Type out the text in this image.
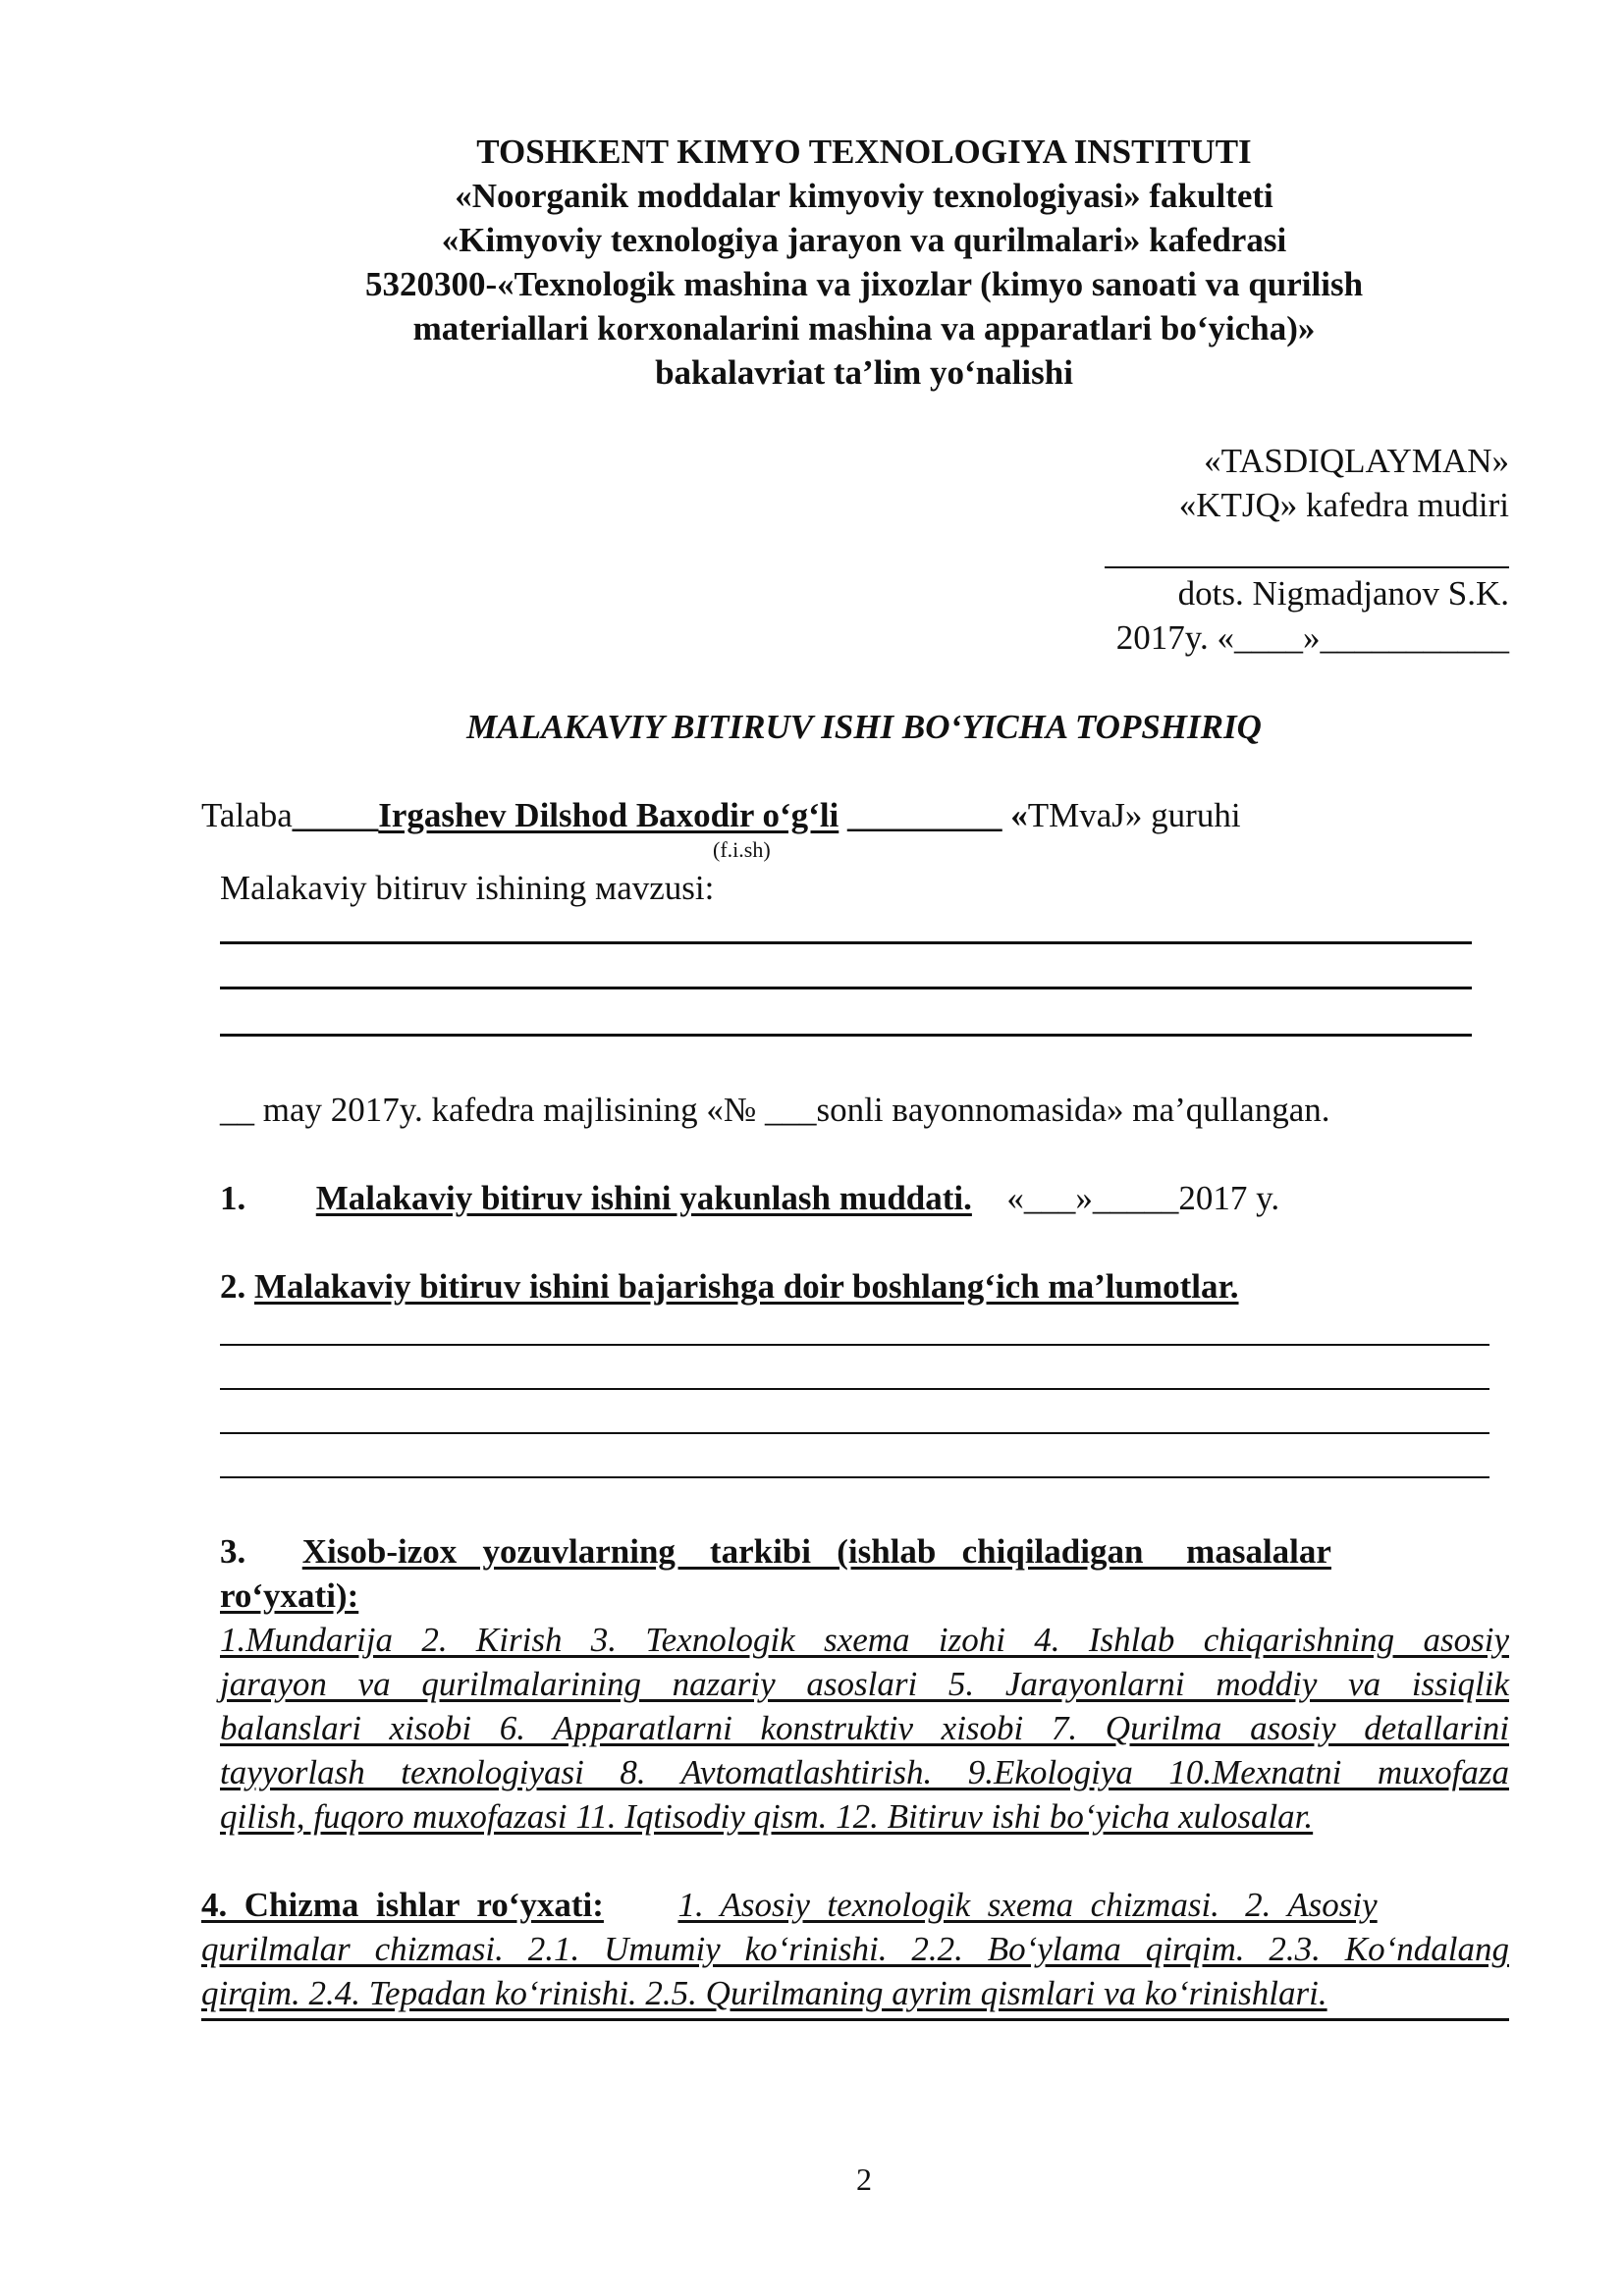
TOSHKENT KIMYO TEXNOLOGIYA INSTITUTI
«Noorganik moddalar kimyoviy texnologiyasi» fakulteti
«Kimyoviy texnologiya jarayon va qurilmalari» kafedrasi
5320300-«Texnologik mashina va jixozlar (kimyo sanoati va qurilish
materiallari korxonalarini mashina va apparatlari bo‘yicha)»
bakalavriat ta’lim yo‘nalishi
«TASDIQLAYMAN»
«KTJQ» kafedra mudiri
dots. Nigmadjanov S.K.
2017y. «____»___________
MALAKAVIY BITIRUV ISHI BO‘YICHA TOPSHIRIQ
Talaba_____Irgashev Dilshod Baxodir o‘g‘li _________ «TMvaJ» guruhi
(f.i.sh)
Malakaviy bitiruv ishining мavzusi:
__ may 2017y. kafedra majlisining «№ ___sonli вayonnomasida» ma’qullangan.
1. Malakaviy bitiruv ishini yakunlash muddati. «___»_____2017 y.
2. Malakaviy bitiruv ishini bajarishga doir boshlang‘ich ma’lumotlar.
3. Xisob-izox   yozuvlarning    tarkibi   (ishlab   chiqiladigan     masalalar
ro‘yxati):
1.Mundarija 2. Kirish 3. Texnologik sxema izohi 4. Ishlab chiqarishning asosiy
jarayon va qurilmalarining nazariy asoslari 5. Jarayonlarni moddiy va issiqlik
balanslari xisobi 6. Apparatlarni konstruktiv xisobi 7. Qurilma asosiy detallarini
tayyorlash texnologiyasi 8. Avtomatlashtirish. 9.Ekologiya 10.Mexnatni muxofaza
qilish, fuqoro muxofazasi 11. Iqtisodiy qism. 12. Bitiruv ishi bo‘yicha xulosalar.
4.  Chizma  ishlar  ro‘yxati: 1.  Asosiy  texnologik  sxema  chizmasi.   2.  Asosiy
qurilmalar chizmasi. 2.1. Umumiy ko‘rinishi. 2.2. Bo‘ylama qirqim. 2.3. Ko‘ndalang
qirqim. 2.4. Tepadan ko‘rinishi. 2.5. Qurilmaning ayrim qismlari va ko‘rinishlari.
2
